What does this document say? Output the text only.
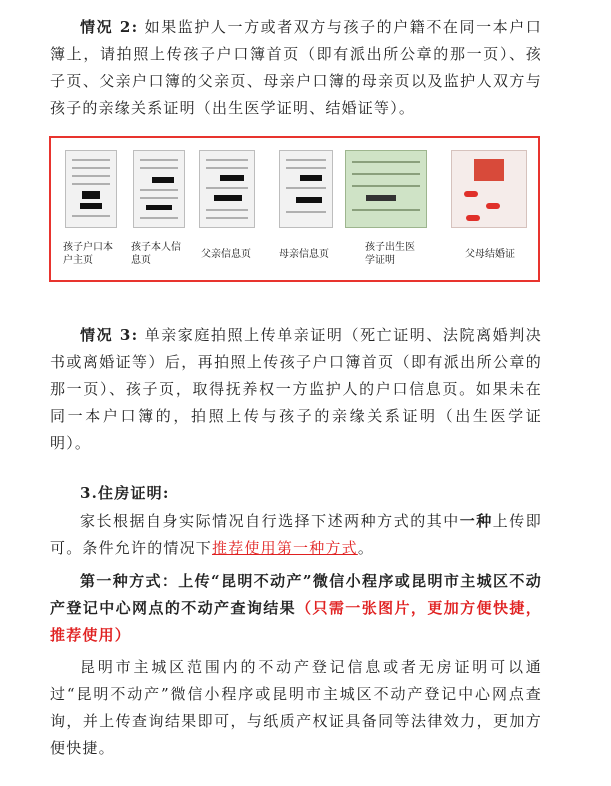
情况 2: 如果监护人一方或者双方与孩子的户籍不在同一本户口簿上，请拍照上传孩子户口簿首页（即有派出所公章的那一页）、孩子页、父亲户口簿的父亲页、母亲户口簿的母亲页以及监护人双方与孩子的亲缘关系证明（出生医学证明、结婚证等）。

孩子户口本户主页
孩子本人信息页
父亲信息页	母亲信息页
孩子出生医学证明
父母结婚证

情况 3: 单亲家庭拍照上传单亲证明（死亡证明、法院离婚判决书或离婚证等）后，再拍照上传孩子户口簿首页（即有派出所公章的那一页）、孩子页，取得抚养权一方监护人的户口信息页。如果未在同一本户口簿的，拍照上传与孩子的亲缘关系证明（出生医学证明）。

3.住房证明:

家长根据自身实际情况自行选择下述两种方式的其中一种上传即可。条件允许的情况下推荐使用第一种方式。

第一种方式：上传“昆明不动产”微信小程序或昆明市主城区不动产登记中心网点的不动产查询结果（只需一张图片，更加方便快捷，推荐使用）

昆明市主城区范围内的不动产登记信息或者无房证明可以通过“昆明不动产”微信小程序或昆明市主城区不动产登记中心网点查询，并上传查询结果即可，与纸质产权证具备同等法律效力，更加方便快捷。
